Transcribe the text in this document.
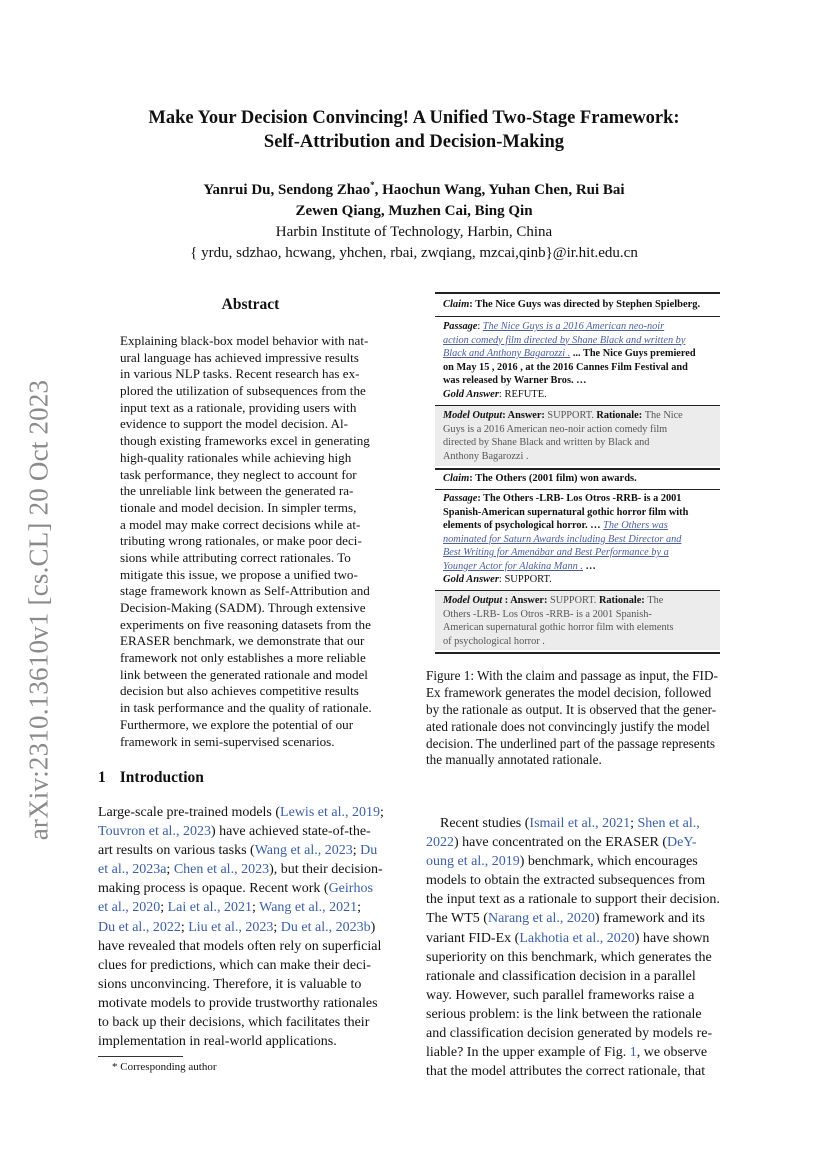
arXiv:2310.13610v1 [cs.CL] 20 Oct 2023
Make Your Decision Convincing! A Unified Two-Stage Framework:
Self-Attribution and Decision-Making
Yanrui Du, Sendong Zhao*, Haochun Wang, Yuhan Chen, Rui Bai
Zewen Qiang, Muzhen Cai, Bing Qin
Harbin Institute of Technology, Harbin, China
{ yrdu, sdzhao, hcwang, yhchen, rbai, zwqiang, mzcai,qinb}@ir.hit.edu.cn
Abstract
Explaining black-box model behavior with nat-
ural language has achieved impressive results
in various NLP tasks. Recent research has ex-
plored the utilization of subsequences from the
input text as a rationale, providing users with
evidence to support the model decision. Al-
though existing frameworks excel in generating
high-quality rationales while achieving high
task performance, they neglect to account for
the unreliable link between the generated ra-
tionale and model decision. In simpler terms,
a model may make correct decisions while at-
tributing wrong rationales, or make poor deci-
sions while attributing correct rationales. To
mitigate this issue, we propose a unified two-
stage framework known as Self-Attribution and
Decision-Making (SADM). Through extensive
experiments on five reasoning datasets from the
ERASER benchmark, we demonstrate that our
framework not only establishes a more reliable
link between the generated rationale and model
decision but also achieves competitive results
in task performance and the quality of rationale.
Furthermore, we explore the potential of our
framework in semi-supervised scenarios.
1 Introduction
Large-scale pre-trained models (Lewis et al., 2019;
Touvron et al., 2023) have achieved state-of-the-
art results on various tasks (Wang et al., 2023; Du
et al., 2023a; Chen et al., 2023), but their decision-
making process is opaque. Recent work (Geirhos
et al., 2020; Lai et al., 2021; Wang et al., 2021;
Du et al., 2022; Liu et al., 2023; Du et al., 2023b)
have revealed that models often rely on superficial
clues for predictions, which can make their deci-
sions unconvincing. Therefore, it is valuable to
motivate models to provide trustworthy rationales
to back up their decisions, which facilitates their
implementation in real-world applications.
Recent studies (Ismail et al., 2021; Shen et al.,
2022) have concentrated on the ERASER (DeY-
oung et al., 2019) benchmark, which encourages
models to obtain the extracted subsequences from
the input text as a rationale to support their decision.
The WT5 (Narang et al., 2020) framework and its
variant FID-Ex (Lakhotia et al., 2020) have shown
superiority on this benchmark, which generates the
rationale and classification decision in a parallel
way. However, such parallel frameworks raise a
serious problem: is the link between the rationale
and classification decision generated by models re-
liable? In the upper example of Fig. 1, we observe
that the model attributes the correct rationale, that
* Corresponding author
Claim: The Nice Guys was directed by Stephen Spielberg.
Passage: The Nice Guys is a 2016 American neo-noir
action comedy film directed by Shane Black and written by
Black and Anthony Bagarozzi . ... The Nice Guys premiered
on May 15 , 2016 , at the 2016 Cannes Film Festival and
was released by Warner Bros. …
Gold Answer: REFUTE.
Model Output: Answer: SUPPORT. Rationale: The Nice
Guys is a 2016 American neo-noir action comedy film
directed by Shane Black and written by Black and
Anthony Bagarozzi .
Claim: The Others (2001 film) won awards.
Passage: The Others -LRB- Los Otros -RRB- is a 2001
Spanish-American supernatural gothic horror film with
elements of psychological horror. … The Others was
nominated for Saturn Awards including Best Director and
Best Writing for Amenábar and Best Performance by a
Younger Actor for Alakina Mann . …
Gold Answer: SUPPORT.
Model Output : Answer: SUPPORT. Rationale: The
Others -LRB- Los Otros -RRB- is a 2001 Spanish-
American supernatural gothic horror film with elements
of psychological horror .
Figure 1: With the claim and passage as input, the FID-
Ex framework generates the model decision, followed
by the rationale as output. It is observed that the gener-
ated rationale does not convincingly justify the model
decision. The underlined part of the passage represents
the manually annotated rationale.
